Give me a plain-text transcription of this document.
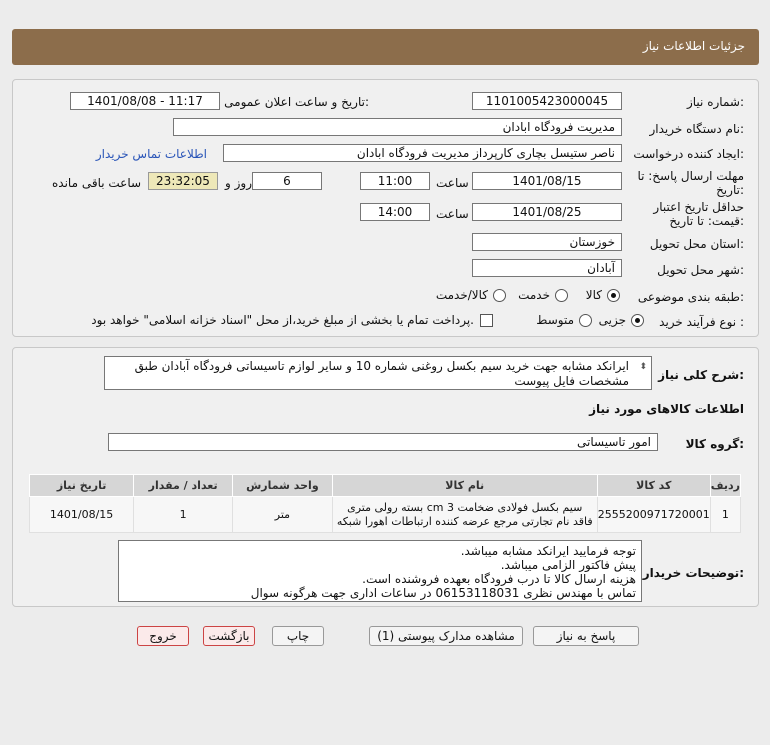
جزئیات اطلاعات نیاز
شماره نیاز:
1101005423000045
تاریخ و ساعت اعلان عمومی:
1401/08/08 - 11:17
نام دستگاه خریدار:
مدیریت فرودگاه ابادان
ایجاد کننده درخواست:
ناصر ستیسل بچاری کارپرداز مدیریت فرودگاه ابادان
اطلاعات تماس خریدار
مهلت ارسال پاسخ: تا
تاریخ:
1401/08/15
ساعت
11:00
6
روز و
23:32:05
ساعت باقی مانده
حداقل تاریخ اعتبار
قیمت: تا تاریخ:
1401/08/25
ساعت
14:00
استان محل تحویل:
خوزستان
شهر محل تحویل:
آبادان
طبقه بندی موضوعی:
کالا
خدمت
کالا/خدمت
نوع فرآیند خرید :
جزیی
متوسط
پرداخت تمام یا بخشی از مبلغ خرید،از محل "اسناد خزانه اسلامی" خواهد بود.
شرح کلی نیاز:
ایرانکد مشابه جهت خرید سیم بکسل روغنی شماره 10 و سایر لوازم تاسیساتی فرودگاه آبادان طبق مشخصات فایل پیوست
⬍
اطلاعات کالاهای مورد نیاز
گروه کالا:
امور تاسیساتی
ردیف	کد کالا	نام کالا	واحد شمارش	تعداد / مقدار	تاریخ نیاز
1	2555200971720001	سیم بکسل فولادی ضخامت 3 cm بسته رولی متری فاقد نام تجارتی مرجع عرضه کننده ارتباطات اهورا شبکه	متر	1	1401/08/15
توضیحات خریدار:
توجه فرمایید ایرانکد مشابه میباشد.
پیش فاکتور الزامی میباشد.
هزینه ارسال کالا تا درب فرودگاه بعهده فروشنده است.
تماس با مهندس نظری 06153118031 در ساعات اداری جهت هرگونه سوال
پاسخ به نیاز
مشاهده مدارک پیوستی (1)
چاپ
بازگشت
خروج
